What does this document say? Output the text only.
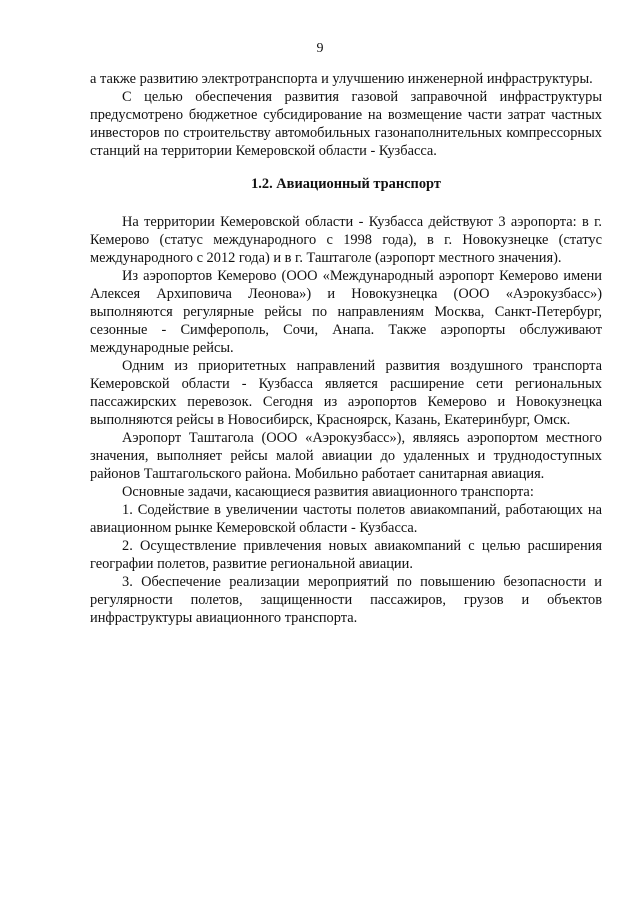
9

а также развитию электротранспорта и улучшению инженерной инфраструктуры.

С целью обеспечения развития газовой заправочной инфраструктуры предусмотрено бюджетное субсидирование на возмещение части затрат частных инвесторов по строительству автомобильных газонаполнительных компрессорных станций на территории Кемеровской области - Кузбасса.

1.2. Авиационный транспорт

На территории Кемеровской области - Кузбасса действуют 3 аэропорта: в г. Кемерово (статус международного с 1998 года), в г. Новокузнецке (статус международного с 2012 года) и в г. Таштаголе (аэропорт местного значения).

Из аэропортов Кемерово (ООО «Международный аэропорт Кемерово имени Алексея Архиповича Леонова») и Новокузнецка (ООО «Аэрокузбасс») выполняются регулярные рейсы по направлениям Москва, Санкт-Петербург, сезонные - Симферополь, Сочи, Анапа. Также аэропорты обслуживают международные рейсы.

Одним из приоритетных направлений развития воздушного транспорта Кемеровской области - Кузбасса является расширение сети региональных пассажирских перевозок. Сегодня из аэропортов Кемерово и Новокузнецка выполняются рейсы в Новосибирск, Красноярск, Казань, Екатеринбург, Омск.

Аэропорт Таштагола (ООО «Аэрокузбасс»), являясь аэропортом местного значения, выполняет рейсы малой авиации до удаленных и труднодоступных районов Таштагольского района. Мобильно работает санитарная авиация.

Основные задачи, касающиеся развития авиационного транспорта:

1. Содействие в увеличении частоты полетов авиакомпаний, работающих на авиационном рынке Кемеровской области - Кузбасса.

2. Осуществление привлечения новых авиакомпаний с целью расширения географии полетов, развитие региональной авиации.

3. Обеспечение реализации мероприятий по повышению безопасности и регулярности полетов, защищенности пассажиров, грузов и объектов инфраструктуры авиационного транспорта.
